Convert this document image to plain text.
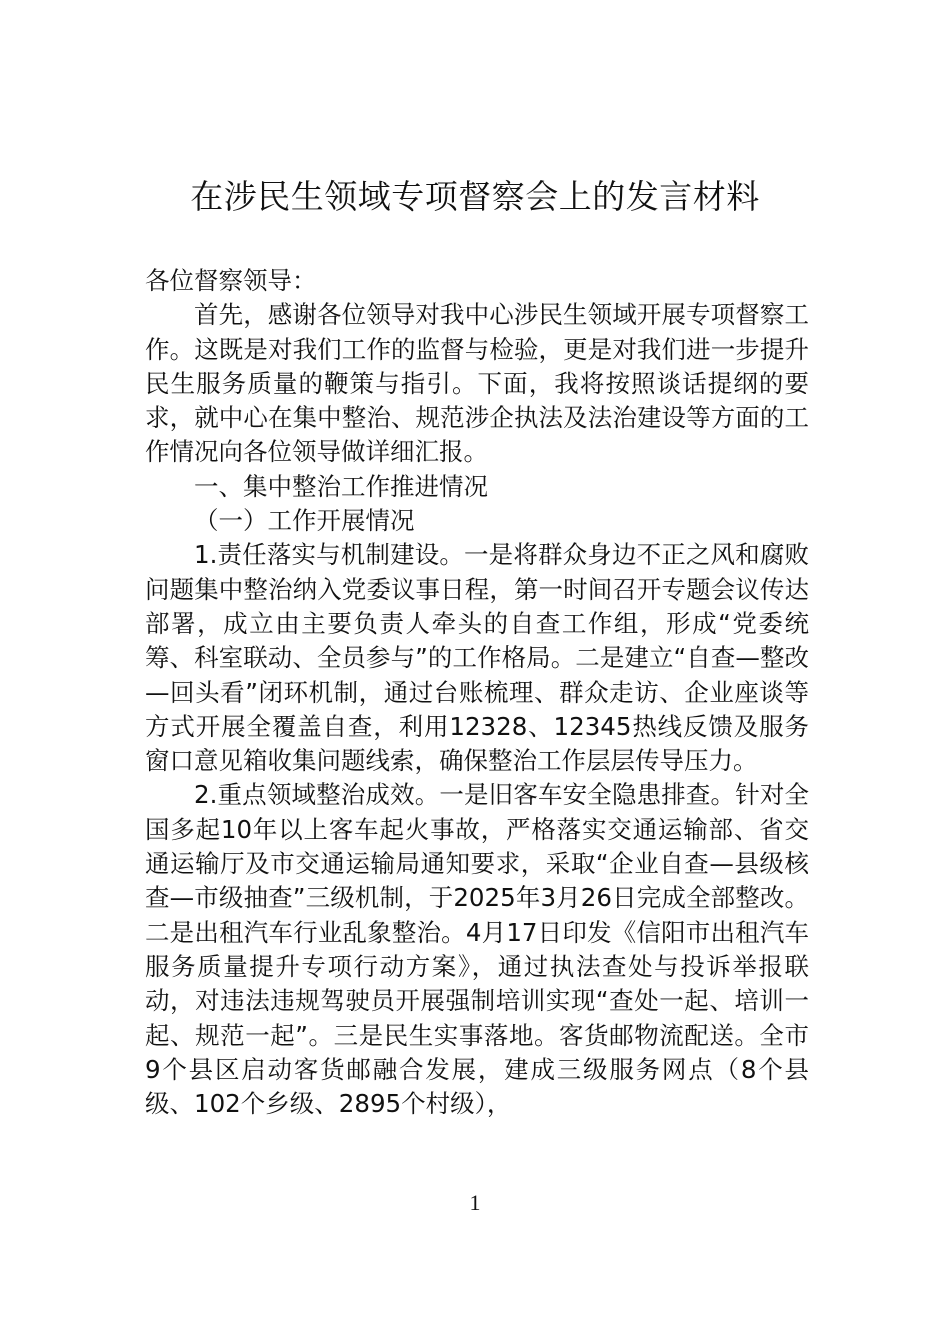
在涉民生领域专项督察会上的发言材料

各位督察领导：

首先，感谢各位领导对我中心涉民生领域开展专项督察工作。这既是对我们工作的监督与检验，更是对我们进一步提升民生服务质量的鞭策与指引。下面，我将按照谈话提纲的要求，就中心在集中整治、规范涉企执法及法治建设等方面的工作情况向各位领导做详细汇报。

一、集中整治工作推进情况

（一）工作开展情况

1.责任落实与机制建设。一是将群众身边不正之风和腐败问题集中整治纳入党委议事日程，第一时间召开专题会议传达部署，成立由主要负责人牵头的自查工作组，形成“党委统筹、科室联动、全员参与”的工作格局。二是建立“自查—整改—回头看”闭环机制，通过台账梳理、群众走访、企业座谈等方式开展全覆盖自查，利用12328、12345热线反馈及服务窗口意见箱收集问题线索，确保整治工作层层传导压力。

2.重点领域整治成效。一是旧客车安全隐患排查。针对全国多起10年以上客车起火事故，严格落实交通运输部、省交通运输厅及市交通运输局通知要求，采取“企业自查—县级核查—市级抽查”三级机制，于2025年3月26日完成全部整改。二是出租汽车行业乱象整治。4月17日印发《信阳市出租汽车服务质量提升专项行动方案》，通过执法查处与投诉举报联动，对违法违规驾驶员开展强制培训实现“查处一起、培训一起、规范一起”。三是民生实事落地。客货邮物流配送。全市9个县区启动客货邮融合发展，建成三级服务网点（8个县级、102个乡级、2895个村级），

1
